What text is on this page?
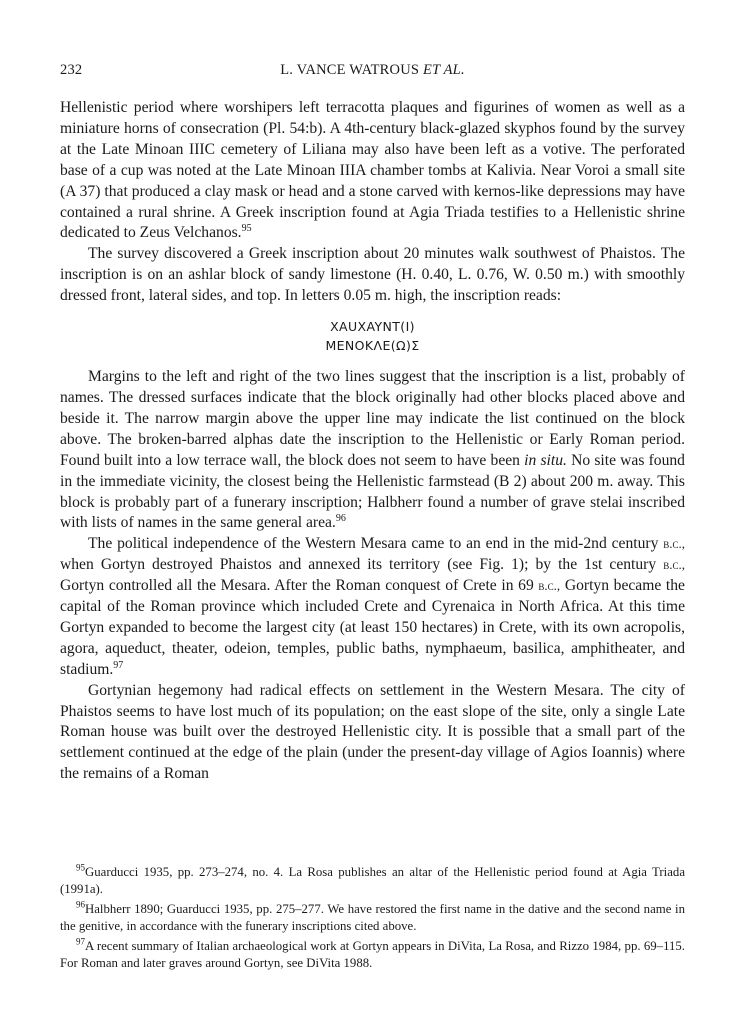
232	L. VANCE WATROUS ET AL.

Hellenistic period where worshipers left terracotta plaques and figurines of women as well as a miniature horns of consecration (Pl. 54:b). A 4th-century black-glazed skyphos found by the survey at the Late Minoan IIIC cemetery of Liliana may also have been left as a votive. The perforated base of a cup was noted at the Late Minoan IIIA chamber tombs at Kalivia. Near Voroi a small site (A 37) that produced a clay mask or head and a stone carved with kernos-like depressions may have contained a rural shrine. A Greek inscription found at Agia Triada testifies to a Hellenistic shrine dedicated to Zeus Velchanos.$^{95}$

The survey discovered a Greek inscription about 20 minutes walk southwest of Phaistos. The inscription is on an ashlar block of sandy limestone (H. 0.40, L. 0.76, W. 0.50 m.) with smoothly dressed front, lateral sides, and top. In letters 0.05 m. high, the inscription reads:

XAUXAYNT(I)
ΜΕΝΟΚΛΕ(Ω)Σ

Margins to the left and right of the two lines suggest that the inscription is a list, probably of names. The dressed surfaces indicate that the block originally had other blocks placed above and beside it. The narrow margin above the upper line may indicate the list continued on the block above. The broken-barred alphas date the inscription to the Hellenistic or Early Roman period. Found built into a low terrace wall, the block does not seem to have been in situ. No site was found in the immediate vicinity, the closest being the Hellenistic farmstead (B 2) about 200 m. away. This block is probably part of a funerary inscription; Halbherr found a number of grave stelai inscribed with lists of names in the same general area.$^{96}$

The political independence of the Western Mesara came to an end in the mid-2nd century b.c., when Gortyn destroyed Phaistos and annexed its territory (see Fig. 1); by the 1st century b.c., Gortyn controlled all the Mesara. After the Roman conquest of Crete in 69 b.c., Gortyn became the capital of the Roman province which included Crete and Cyrenaica in North Africa. At this time Gortyn expanded to become the largest city (at least 150 hectares) in Crete, with its own acropolis, agora, aqueduct, theater, odeion, temples, public baths, nymphaeum, basilica, amphitheater, and stadium.$^{97}$

Gortynian hegemony had radical effects on settlement in the Western Mesara. The city of Phaistos seems to have lost much of its population; on the east slope of the site, only a single Late Roman house was built over the destroyed Hellenistic city. It is possible that a small part of the settlement continued at the edge of the plain (under the present-day village of Agios Ioannis) where the remains of a Roman

$^{95}$Guarducci 1935, pp. 273–274, no. 4. La Rosa publishes an altar of the Hellenistic period found at Agia Triada (1991a).

$^{96}$Halbherr 1890; Guarducci 1935, pp. 275–277. We have restored the first name in the dative and the second name in the genitive, in accordance with the funerary inscriptions cited above.

$^{97}$A recent summary of Italian archaeological work at Gortyn appears in DiVita, La Rosa, and Rizzo 1984, pp. 69–115. For Roman and later graves around Gortyn, see DiVita 1988.
